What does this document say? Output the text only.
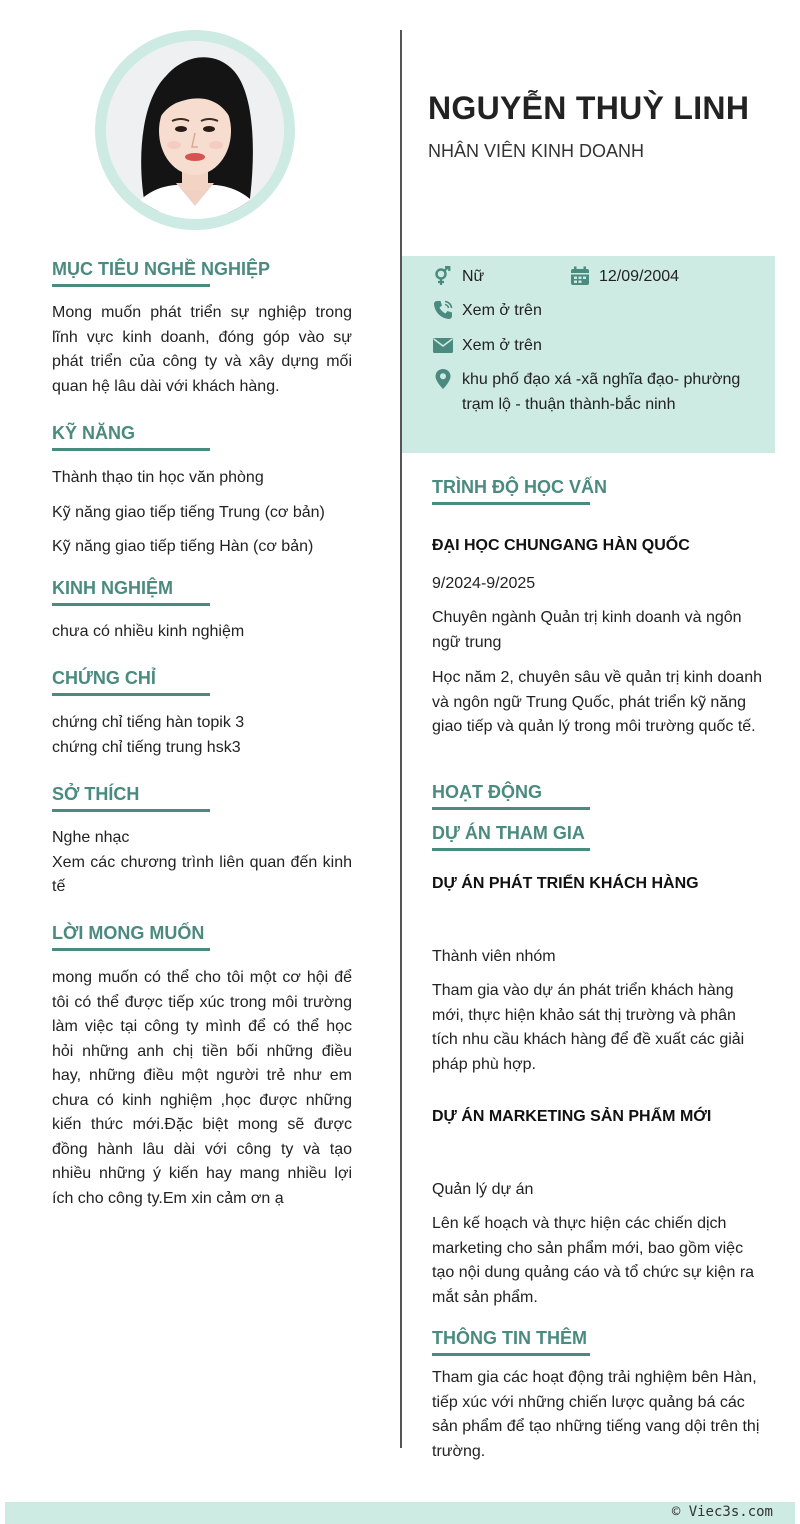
NGUYỄN THUỲ LINH
NHÂN VIÊN KINH DOANH
Nữ	12/09/2004
Xem ở trên
Xem ở trên
khu phố đạo xá -xã nghĩa đạo- phường trạm lộ - thuận thành-bắc ninh
MỤC TIÊU NGHỀ NGHIỆP
Mong muốn phát triển sự nghiệp trong lĩnh vực kinh doanh, đóng góp vào sự phát triển của công ty và xây dựng mối quan hệ lâu dài với khách hàng.
KỸ NĂNG
Thành thạo tin học văn phòng
Kỹ năng giao tiếp tiếng Trung (cơ bản)
Kỹ năng giao tiếp tiếng Hàn (cơ bản)
KINH NGHIỆM
chưa có nhiều kinh nghiệm
CHỨNG CHỈ
chứng chỉ tiếng hàn topik 3
chứng chỉ tiếng trung hsk3
SỞ THÍCH
Nghe nhạc
Xem các chương trình liên quan đến kinh tế
LỜI MONG MUỐN
mong muốn có thể cho tôi một cơ hội để tôi có thể được tiếp xúc trong môi trường làm việc tại công ty mình để có thể học hỏi những anh chị tiền bối những điều hay, những điều một người trẻ như em chưa có kinh nghiệm ,học được những kiến thức mới.Đặc biệt mong sẽ được đồng hành lâu dài với công ty và tạo nhiều những ý kiến hay mang nhiều lợi ích cho công ty.Em xin cảm ơn ạ
TRÌNH ĐỘ HỌC VẤN
ĐẠI HỌC CHUNGANG HÀN QUỐC
9/2024-9/2025
Chuyên ngành Quản trị kinh doanh và ngôn ngữ trung
Học năm 2, chuyên sâu về quản trị kinh doanh và ngôn ngữ Trung Quốc, phát triển kỹ năng giao tiếp và quản lý trong môi trường quốc tế.
HOẠT ĐỘNG
DỰ ÁN THAM GIA
DỰ ÁN PHÁT TRIỂN KHÁCH HÀNG
Thành viên nhóm
Tham gia vào dự án phát triển khách hàng mới, thực hiện khảo sát thị trường và phân tích nhu cầu khách hàng để đề xuất các giải pháp phù hợp.
DỰ ÁN MARKETING SẢN PHẨM MỚI
Quản lý dự án
Lên kế hoạch và thực hiện các chiến dịch marketing cho sản phẩm mới, bao gồm việc tạo nội dung quảng cáo và tổ chức sự kiện ra mắt sản phẩm.
THÔNG TIN THÊM
Tham gia các hoạt động trải nghiệm bên Hàn, tiếp xúc với những chiến lược quảng bá các sản phẩm để tạo những tiếng vang dội trên thị trường.
© Viec3s.com
